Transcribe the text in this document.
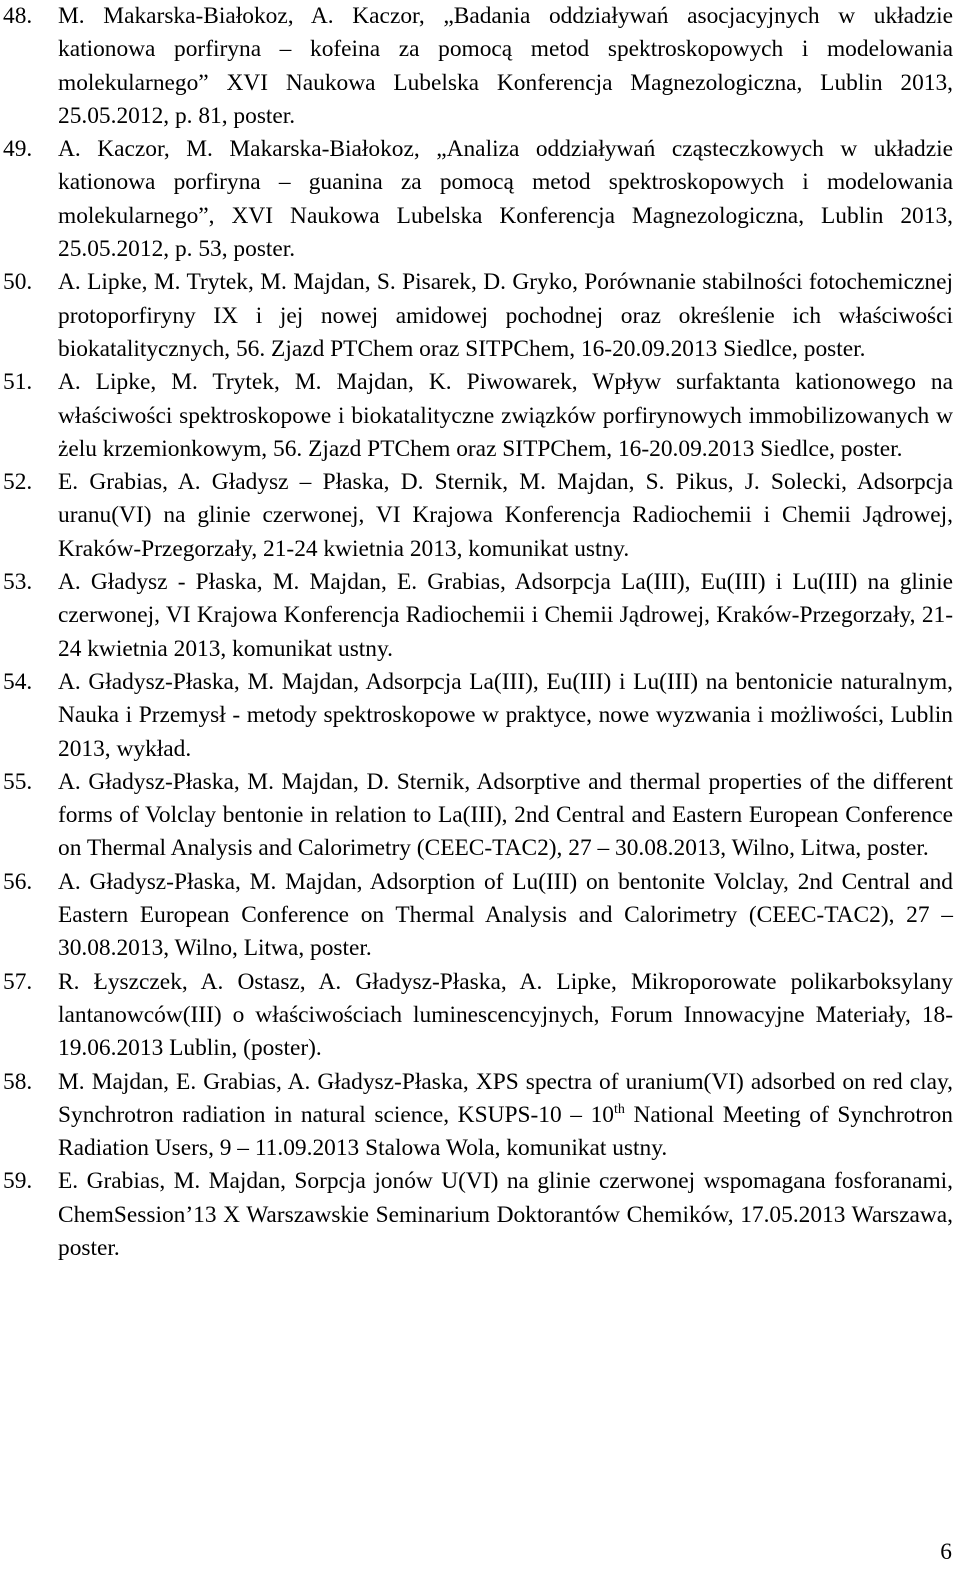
48. M. Makarska-Białokoz, A. Kaczor, „Badania oddziaływań asocjacyjnych w układzie kationowa porfiryna – kofeina za pomocą metod spektroskopowych i modelowania molekularnego” XVI Naukowa Lubelska Konferencja Magnezologiczna, Lublin 2013, 25.05.2012, p. 81, poster.
49. A. Kaczor, M. Makarska-Białokoz, „Analiza oddziaływań cząsteczkowych w układzie kationowa porfiryna – guanina za pomocą metod spektroskopowych i modelowania molekularnego”, XVI Naukowa Lubelska Konferencja Magnezologiczna, Lublin 2013, 25.05.2012, p. 53, poster.
50. A. Lipke, M. Trytek, M. Majdan, S. Pisarek, D. Gryko, Porównanie stabilności fotochemicznej protoporfiryny IX i jej nowej amidowej pochodnej oraz określenie ich właściwości biokatalitycznych, 56. Zjazd PTChem oraz SITPChem, 16-20.09.2013 Siedlce, poster.
51. A. Lipke, M. Trytek, M. Majdan, K. Piwowarek, Wpływ surfaktanta kationowego na właściwości spektroskopowe i biokatalityczne związków porfirynowych immobilizowanych w żelu krzemionkowym, 56. Zjazd PTChem oraz SITPChem, 16-20.09.2013 Siedlce, poster.
52. E. Grabias, A. Gładysz – Płaska, D. Sternik, M. Majdan, S. Pikus, J. Solecki, Adsorpcja uranu(VI) na glinie czerwonej, VI Krajowa Konferencja Radiochemii i Chemii Jądrowej, Kraków-Przegorzały, 21-24 kwietnia 2013, komunikat ustny.
53. A. Gładysz - Płaska, M. Majdan, E. Grabias, Adsorpcja La(III), Eu(III) i Lu(III) na glinie czerwonej, VI Krajowa Konferencja Radiochemii i Chemii Jądrowej, Kraków-Przegorzały, 21-24 kwietnia 2013, komunikat ustny.
54. A. Gładysz-Płaska, M. Majdan, Adsorpcja La(III), Eu(III) i Lu(III) na bentonicie naturalnym, Nauka i Przemysł - metody spektroskopowe w praktyce, nowe wyzwania i możliwości, Lublin 2013, wykład.
55. A. Gładysz-Płaska, M. Majdan, D. Sternik, Adsorptive and thermal properties of the different forms of Volclay bentonie in relation to La(III), 2nd Central and Eastern European Conference on Thermal Analysis and Calorimetry (CEEC-TAC2), 27 – 30.08.2013, Wilno, Litwa, poster.
56. A. Gładysz-Płaska, M. Majdan, Adsorption of Lu(III) on bentonite Volclay, 2nd Central and Eastern European Conference on Thermal Analysis and Calorimetry (CEEC-TAC2), 27 – 30.08.2013, Wilno, Litwa, poster.
57. R. Łyszczek, A. Ostasz, A. Gładysz-Płaska, A. Lipke, Mikroporowate polikarboksylany lantanowców(III) o właściwościach luminescencyjnych, Forum Innowacyjne Materiały, 18-19.06.2013 Lublin, (poster).
58. M. Majdan, E. Grabias, A. Gładysz-Płaska, XPS spectra of uranium(VI) adsorbed on red clay, Synchrotron radiation in natural science, KSUPS-10 – 10th National Meeting of Synchrotron Radiation Users, 9 – 11.09.2013 Stalowa Wola, komunikat ustny.
59. E. Grabias, M. Majdan, Sorpcja jonów U(VI) na glinie czerwonej wspomagana fosforanami, ChemSession’13 X Warszawskie Seminarium Doktorantów Chemików, 17.05.2013 Warszawa, poster.
6
